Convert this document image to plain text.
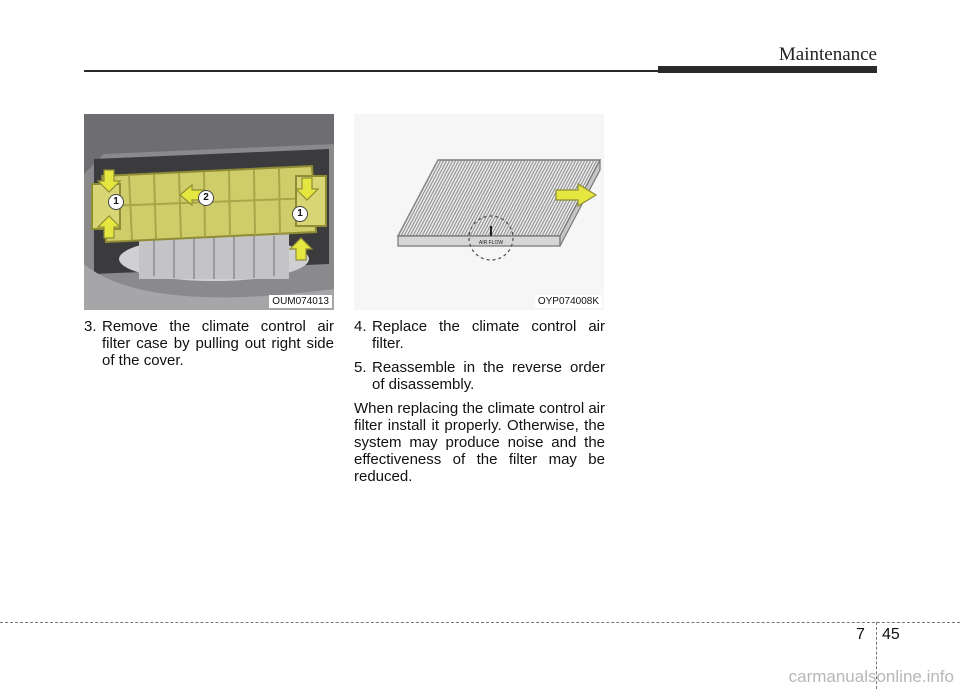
Maintenance
1	2
1
OUM074013
AIR FLOW
OYP074008K
3. Remove the climate control air filter case by pulling out right side of the cover.
4. Replace the climate control air filter.
5. Reassemble in the reverse order of disassembly.

When replacing the climate control air filter install it properly. Otherwise, the system may produce noise and the effectiveness of the filter may be reduced.

7 45
carmanualsonline.info
